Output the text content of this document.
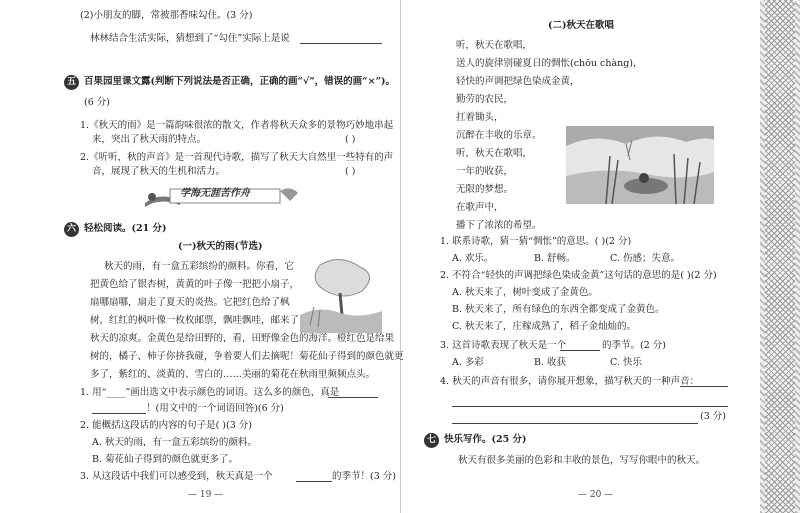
(2)小朋友的脚，常被那香味勾住。(3 分)
林林结合生活实际，猜想到了“勾住”实际上是说
五 百果园里课文露(判断下列说法是否正确，正确的画“√”，错误的画“×”)。
(6 分)
1.《秋天的雨》是一篇韵味很浓的散文，作者将秋天众多的景物巧妙地串起
来，突出了秋天雨的特点。	( )
2.《听听，秋的声音》是一首现代诗歌，描写了秋天大自然里一些特有的声
音，展现了秋天的生机和活力。	( )
学海无涯苦作舟
六 轻松阅读。(21 分)
(一)秋天的雨(节选)
秋天的雨，有一盒五彩缤纷的颜料。你看，它
把黄色给了银杏树，黄黄的叶子像一把把小扇子，
扇哪扇哪，扇走了夏天的炎热。它把红色给了枫
树，红红的枫叶像一枚枚邮票，飘哇飘哇，邮来了
秋天的凉爽。金黄色是给田野的，看，田野像金色的海洋。橙红色是给果
树的，橘子、柿子你挤我碰，争着要人们去摘呢！菊花仙子得到的颜色就更
多了，紫红的、淡黄的、雪白的……美丽的菊花在秋雨里频频点头。
1. 用“____”画出选文中表示颜色的词语。这么多的颜色，真是
！(用文中的一个词语回答)(6 分)
2. 能概括这段话的内容的句子是( )(3 分)
A. 秋天的雨，有一盒五彩缤纷的颜料。
B. 菊花仙子得到的颜色就更多了。
3. 从这段话中我们可以感受到，秋天真是一个	的季节！(3 分)
— 19 —
(二)秋天在歌唱
听，秋天在歌唱，
送人的旋律别碰夏日的惆怅(chōu chàng)，
轻快的声调把绿色染成金黄，
勤劳的农民，
扛着锄头，
沉醉在丰收的乐章。
听，秋天在歌唱，
一年的收获，
无限的梦想。
在歌声中，
播下了浓浓的希望。
1. 联系诗歌，猜一猜“惆怅”的意思。( )(2 分)
A. 欢乐。	B. 舒畅。	C. 伤感；失意。
2. 不符合“轻快的声调把绿色染成金黄”这句话的意思的是( )(2 分)
A. 秋天来了，树叶变成了金黄色。
B. 秋天来了，所有绿色的东西全都变成了金黄色。
C. 秋天来了，庄稼成熟了，稻子金灿灿的。
3. 这首诗歌表现了秋天是一个	的季节。(2 分)
A. 多彩	B. 收获	C. 快乐
4. 秋天的声音有很多，请你展开想象，描写秋天的一种声音：
(3 分)
七 快乐写作。(25 分)
秋天有很多美丽的色彩和丰收的景色，写写你眼中的秋天。
— 20 —
